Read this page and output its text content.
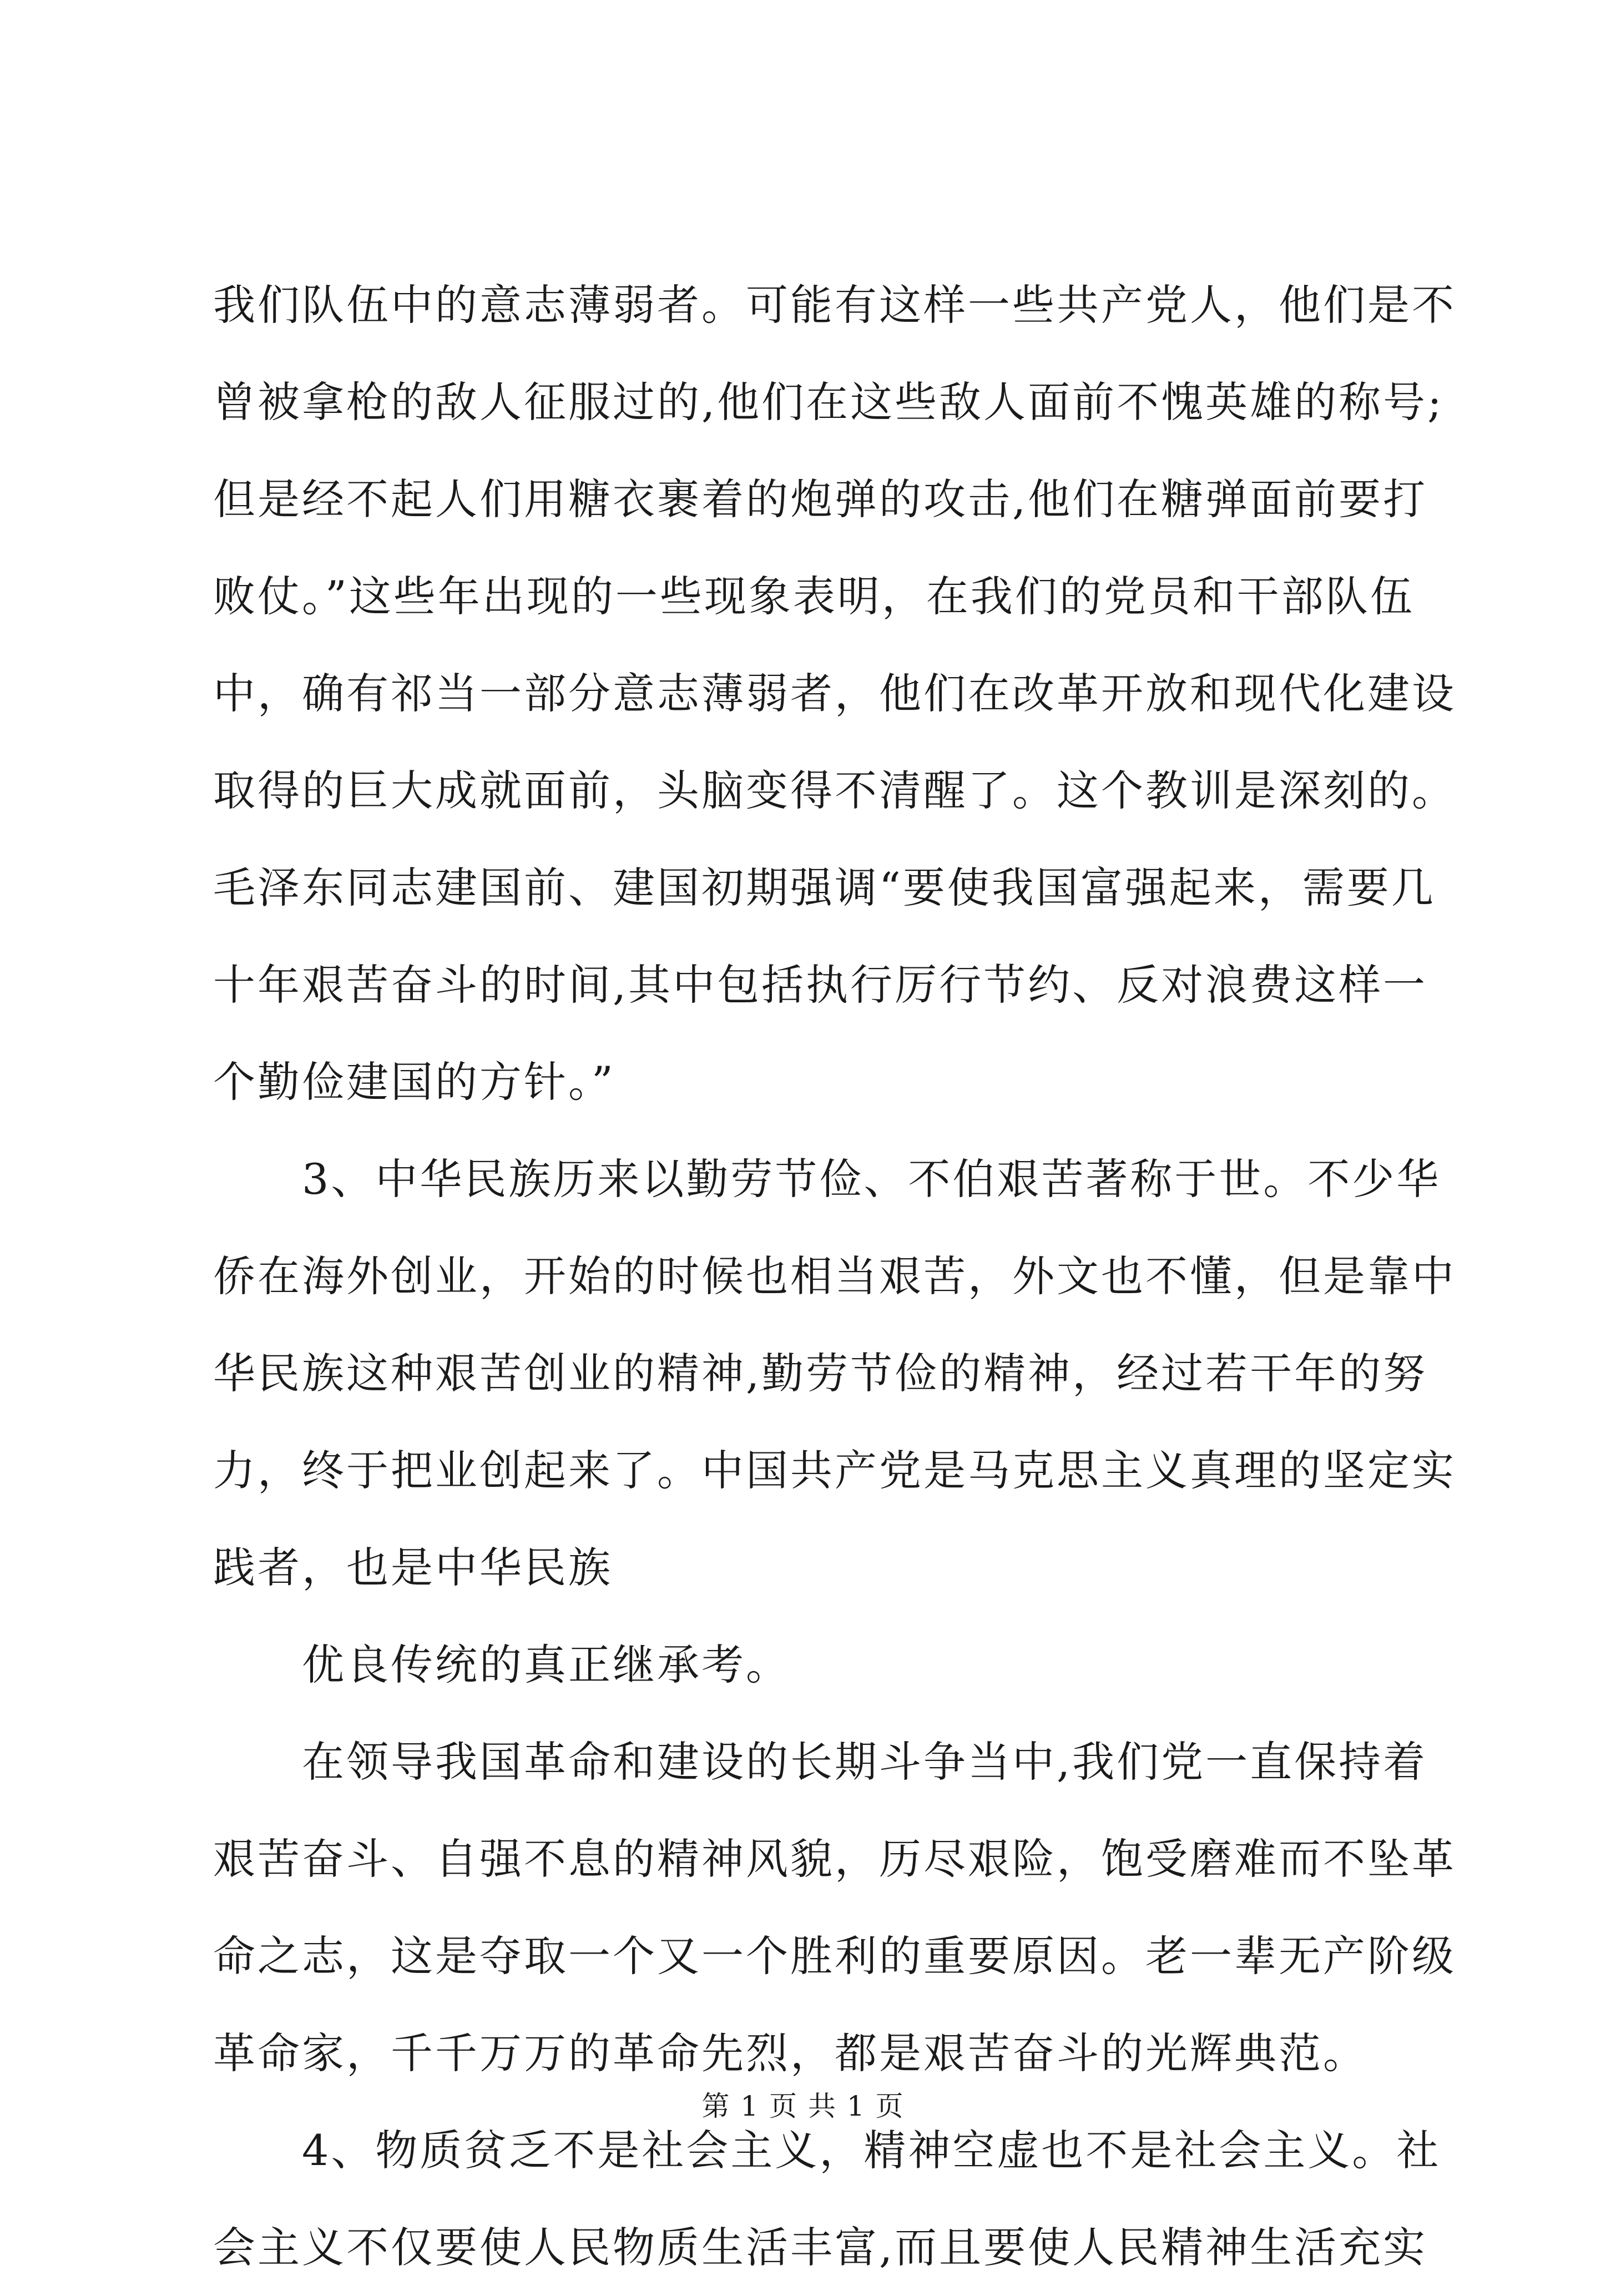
我们队伍中的意志薄弱者。可能有这样一些共产党人，他们是不
曾被拿枪的敌人征服过的,他们在这些敌人面前不愧英雄的称号;
但是经不起人们用糖衣裹着的炮弹的攻击,他们在糖弹面前要打
败仗。”这些年出现的一些现象表明，在我们的党员和干部队伍
中，确有祁当一部分意志薄弱者，他们在改革开放和现代化建设
取得的巨大成就面前，头脑变得不清醒了。这个教训是深刻的。
毛泽东同志建国前、建国初期强调“要使我国富强起来，需要几
十年艰苦奋斗的时间,其中包括执行厉行节约、反对浪费这样一
个勤俭建国的方针。”
3、中华民族历来以勤劳节俭、不伯艰苦著称于世。不少华
侨在海外创业，开始的时候也相当艰苦，外文也不懂，但是靠中
华民族这种艰苦创业的精神,勤劳节俭的精神，经过若干年的努
力，终于把业创起来了。中国共产党是马克思主义真理的坚定实
践者，也是中华民族
优良传统的真正继承考。
在领导我国革命和建设的长期斗争当中,我们党一直保持着
艰苦奋斗、自强不息的精神风貌，历尽艰险，饱受磨难而不坠革
命之志，这是夺取一个又一个胜利的重要原因。老一辈无产阶级
革命家，千千万万的革命先烈，都是艰苦奋斗的光辉典范。
4、物质贫乏不是社会主义，精神空虚也不是社会主义。社
会主义不仅要使人民物质生活丰富,而且要使人民精神生活充实
第 1 页 共 1 页
